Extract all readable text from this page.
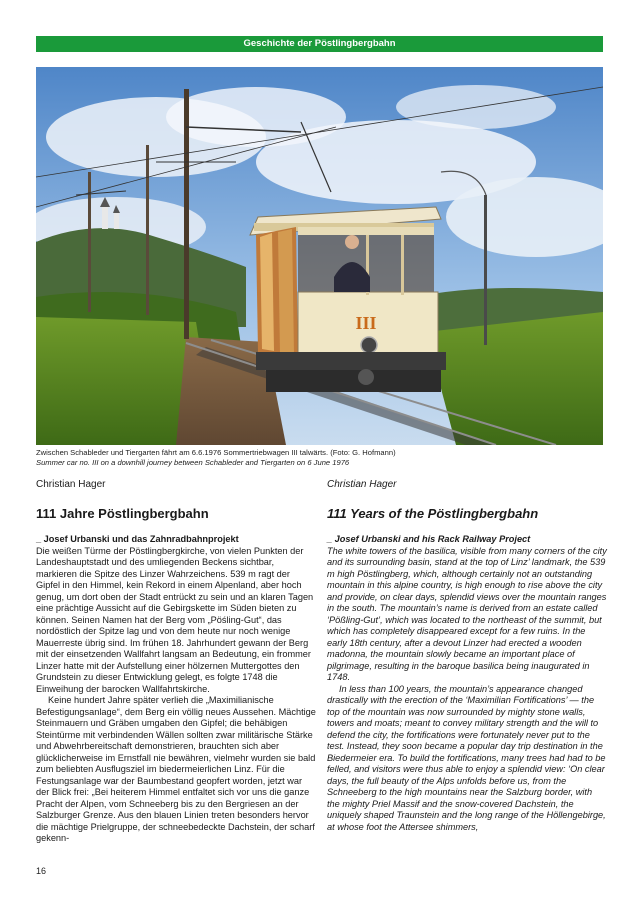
Geschichte der Pöstlingbergbahn
III
Zwischen Schableder und Tiergarten fährt am 6.6.1976 Sommertriebwagen III talwärts. (Foto: G. Hofmann)
Summer car no. III on a downhill journey between Schableder and Tiergarten on 6 June 1976
Christian Hager
111 Jahre Pöstlingbergbahn
_ Josef Urbanski und das Zahnradbahnprojekt

Die weißen Türme der Pöstlingbergkirche, von vielen Punkten der Landeshauptstadt und des umliegenden Beckens sichtbar, markieren die Spitze des Linzer Wahrzeichens. 539 m ragt der Gipfel in den Himmel, kein Rekord in einem Alpenland, aber hoch genug, um dort oben der Stadt entrückt zu sein und an klaren Tagen eine prächtige Aussicht auf die Gebirgskette im Süden bieten zu können. Seinen Namen hat der Berg vom „Pöśling-Gut“, das nordöstlich der Spitze lag und von dem heute nur noch wenige Mauerreste übrig sind. Im frühen 18. Jahrhundert gewann der Berg mit der einsetzenden Wallfahrt langsam an Bedeutung, ein frommer Linzer hatte mit der Aufstellung einer hölzernen Muttergottes den Grundstein zu dieser Entwicklung gelegt, es folgte 1748 die Einweihung der barocken Wallfahrtskirche.

Keine hundert Jahre später verlieh die „Maximilianische Befestigungsanlage“, dem Berg ein völlig neues Aussehen. Mächtige Steinmauern und Gräben umgaben den Gipfel; die behäbigen Steintürme mit verbindenden Wällen sollten zwar militärische Stärke und Abwehrbereitschaft demonstrieren, brauchten sich aber glücklicherweise im Ernstfall nie bewähren, vielmehr wurden sie bald zum beliebten Ausflugsziel im biedermeierlichen Linz. Für die Festungsanlage war der Baumbestand geopfert worden, jetzt war der Blick frei: „Bei heiterem Himmel entfaltet sich vor uns die ganze Pracht der Alpen, vom Schneeberg bis zu den Bergriesen an der Salzburger Grenze. Aus den blauen Linien treten besonders hervor die mächtige Prielgruppe, der schneebedeckte Dachstein, der scharf gekenn-

Christian Hager
111 Years of the Pöstlingbergbahn
_ Josef Urbanski and his Rack Railway Project

The white towers of the basilica, visible from many corners of the city and its surrounding basin, stand at the top of Linz’ landmark, the 539 m high Pöstlingberg, which, although certainly not an outstanding mountain in this alpine country, is high enough to rise above the city and provide, on clear days, splendid views over the mountain ranges in the south. The mountain’s name is derived from an estate called ‘Pößling-Gut’, which was located to the northeast of the summit, but which has completely disappeared except for a few ruins. In the early 18th century, after a devout Linzer had erected a wooden madonna, the mountain slowly became an important place of pilgrimage, resulting in the baroque basilica being inaugurated in 1748.

In less than 100 years, the mountain’s appearance changed drastically with the erection of the ‘Maximilian Fortifications’ — the top of the mountain was now surrounded by mighty stone walls, towers and moats; meant to convey military strength and the will to defend the city, the fortifications were fortunately never put to the test. Instead, they soon became a popular day trip destination in the Biedermeier era. To build the fortifications, many trees had had to be felled, and visitors were thus able to enjoy a splendid view: ‘On clear days, the full beauty of the Alps unfolds before us, from the Schneeberg to the high mountains near the Salzburg border, with the mighty Priel Massif and the snow-covered Dachstein, the uniquely shaped Traunstein and the long range of the Höllengebirge, at whose foot the Attersee shimmers,

16
